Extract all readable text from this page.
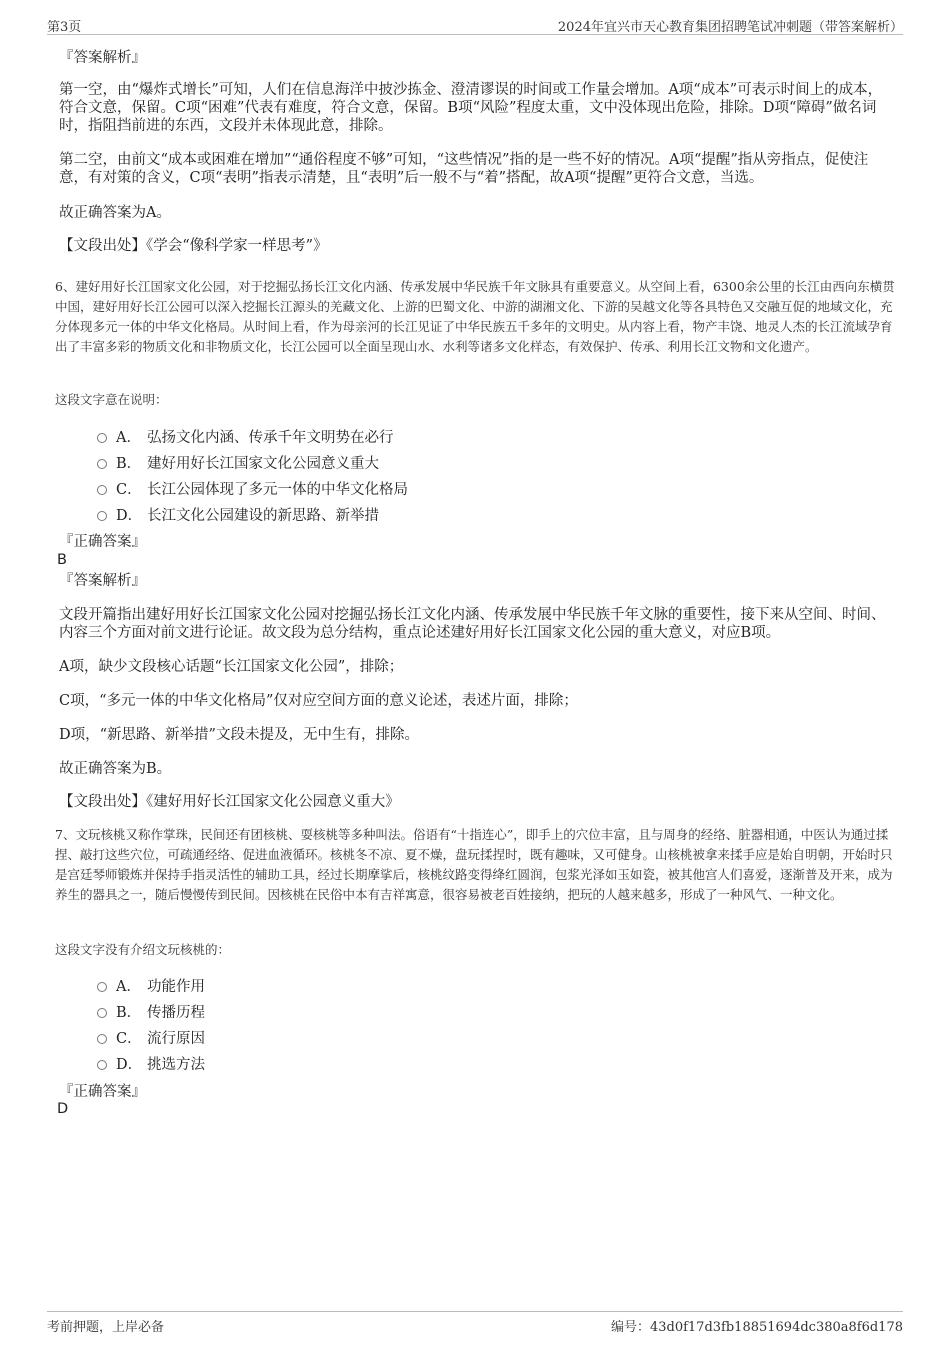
第3页	2024年宜兴市天心教育集团招聘笔试冲刺题（带答案解析）
『答案解析』
第一空，由“爆炸式增长”可知，人们在信息海洋中披沙拣金、澄清谬误的时间或工作量会增加。A项“成本”可表示时间上的成本，符合文意，保留。C项“困难”代表有难度，符合文意，保留。B项“风险”程度太重，文中没体现出危险，排除。D项“障碍”做名词时，指阻挡前进的东西，文段并未体现此意，排除。
第二空，由前文“成本或困难在增加”“通俗程度不够”可知，“这些情况”指的是一些不好的情况。A项“提醒”指从旁指点，促使注意，有对策的含义，C项“表明”指表示清楚，且“表明”后一般不与“着”搭配，故A项“提醒”更符合文意，当选。
故正确答案为A。
【文段出处】《学会“像科学家一样思考”》
6、建好用好长江国家文化公园，对于挖掘弘扬长江文化内涵、传承发展中华民族千年文脉具有重要意义。从空间上看，6300余公里的长江由西向东横贯中国，建好用好长江公园可以深入挖掘长江源头的羌藏文化、上游的巴蜀文化、中游的湖湘文化、下游的吴越文化等各具特色又交融互促的地域文化，充分体现多元一体的中华文化格局。从时间上看，作为母亲河的长江见证了中华民族五千多年的文明史。从内容上看，物产丰饶、地灵人杰的长江流域孕育出了丰富多彩的物质文化和非物质文化，长江公园可以全面呈现山水、水利等诸多文化样态，有效保护、传承、利用长江文物和文化遗产。
这段文字意在说明：
A． 弘扬文化内涵、传承千年文明势在必行
B． 建好用好长江国家文化公园意义重大
C． 长江公园体现了多元一体的中华文化格局
D． 长江文化公园建设的新思路、新举措
『正确答案』
B
『答案解析』
文段开篇指出建好用好长江国家文化公园对挖掘弘扬长江文化内涵、传承发展中华民族千年文脉的重要性，接下来从空间、时间、内容三个方面对前文进行论证。故文段为总分结构，重点论述建好用好长江国家文化公园的重大意义，对应B项。
A项，缺少文段核心话题“长江国家文化公园”，排除；
C项，“多元一体的中华文化格局”仅对应空间方面的意义论述，表述片面，排除；
D项，“新思路、新举措”文段未提及，无中生有，排除。
故正确答案为B。
【文段出处】《建好用好长江国家文化公园意义重大》
7、文玩核桃又称作掌珠，民间还有团核桃、耍核桃等多种叫法。俗语有“十指连心”，即手上的穴位丰富，且与周身的经络、脏器相通，中医认为通过揉捏、敲打这些穴位，可疏通经络、促进血液循环。核桃冬不凉、夏不燥，盘玩揉捏时，既有趣味，又可健身。山核桃被拿来揉手应是始自明朝，开始时只是宫廷琴师锻炼并保持手指灵活性的辅助工具，经过长期摩挲后，核桃纹路变得绛红圆润，包浆光泽如玉如瓷，被其他宫人们喜爱，逐渐普及开来，成为养生的器具之一，随后慢慢传到民间。因核桃在民俗中本有吉祥寓意，很容易被老百姓接纳，把玩的人越来越多，形成了一种风气、一种文化。
这段文字没有介绍文玩核桃的：
A． 功能作用
B． 传播历程
C． 流行原因
D． 挑选方法
『正确答案』
D
考前押题，上岸必备	编号：43d0f17d3fb18851694dc380a8f6d178
